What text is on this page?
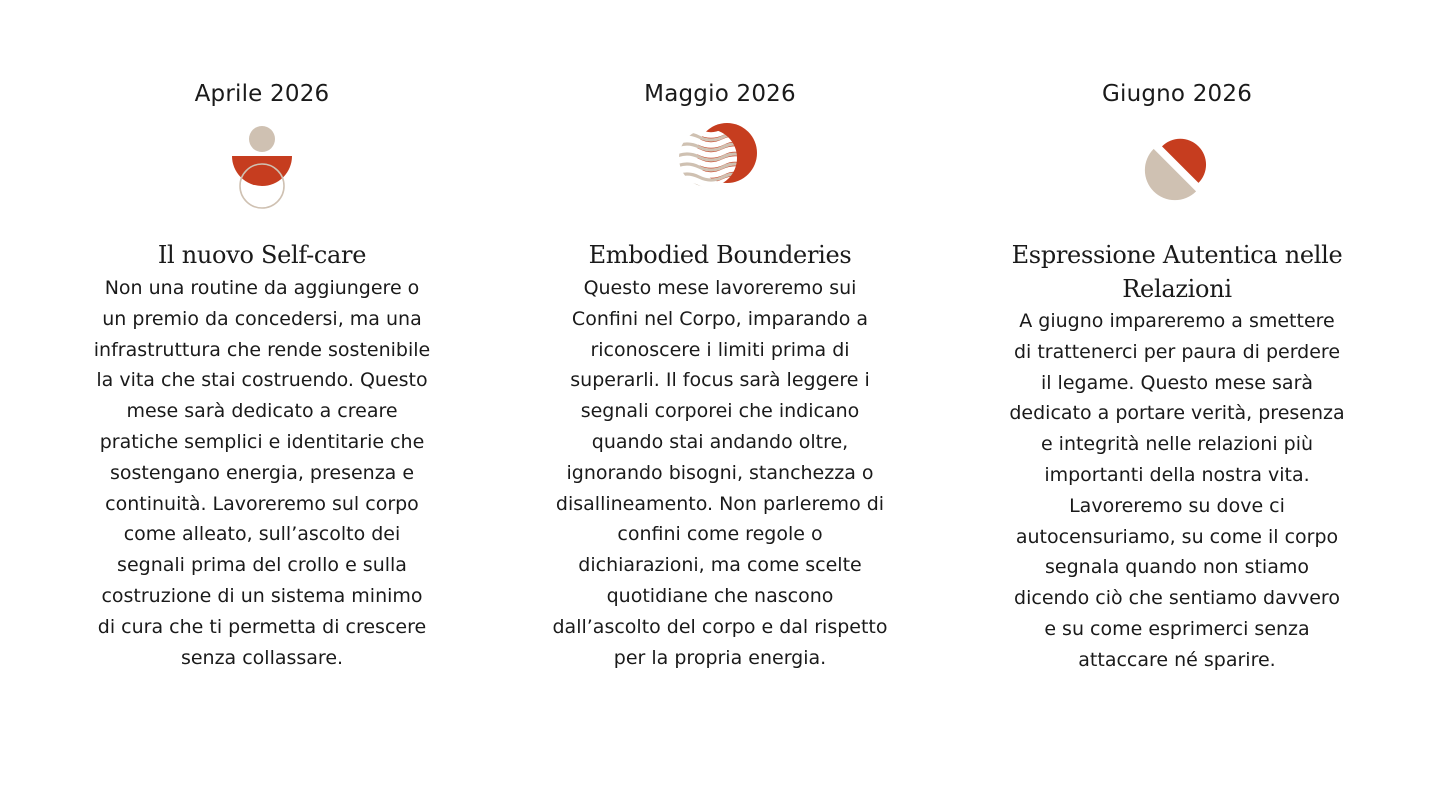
Aprile 2026
Il nuovo Self-care

Non una routine da aggiungere o
un premio da concedersi, ma una
infrastruttura che rende sostenibile
la vita che stai costruendo. Questo
mese sarà dedicato a creare
pratiche semplici e identitarie che
sostengano energia, presenza e
continuità. Lavoreremo sul corpo
come alleato, sull’ascolto dei
segnali prima del crollo e sulla
costruzione di un sistema minimo
di cura che ti permetta di crescere
senza collassare.

Maggio 2026
Embodied Bounderies

Questo mese lavoreremo sui
Confini nel Corpo, imparando a
riconoscere i limiti prima di
superarli. Il focus sarà leggere i
segnali corporei che indicano
quando stai andando oltre,
ignorando bisogni, stanchezza o
disallineamento. Non parleremo di
confini come regole o
dichiarazioni, ma come scelte
quotidiane che nascono
dall’ascolto del corpo e dal rispetto
per la propria energia.

Giugno 2026
Espressione Autentica nelle
Relazioni

A giugno impareremo a smettere
di trattenerci per paura di perdere
il legame. Questo mese sarà
dedicato a portare verità, presenza
e integrità nelle relazioni più
importanti della nostra vita.
Lavoreremo su dove ci
autocensuriamo, su come il corpo
segnala quando non stiamo
dicendo ciò che sentiamo davvero
e su come esprimerci senza
attaccare né sparire.
